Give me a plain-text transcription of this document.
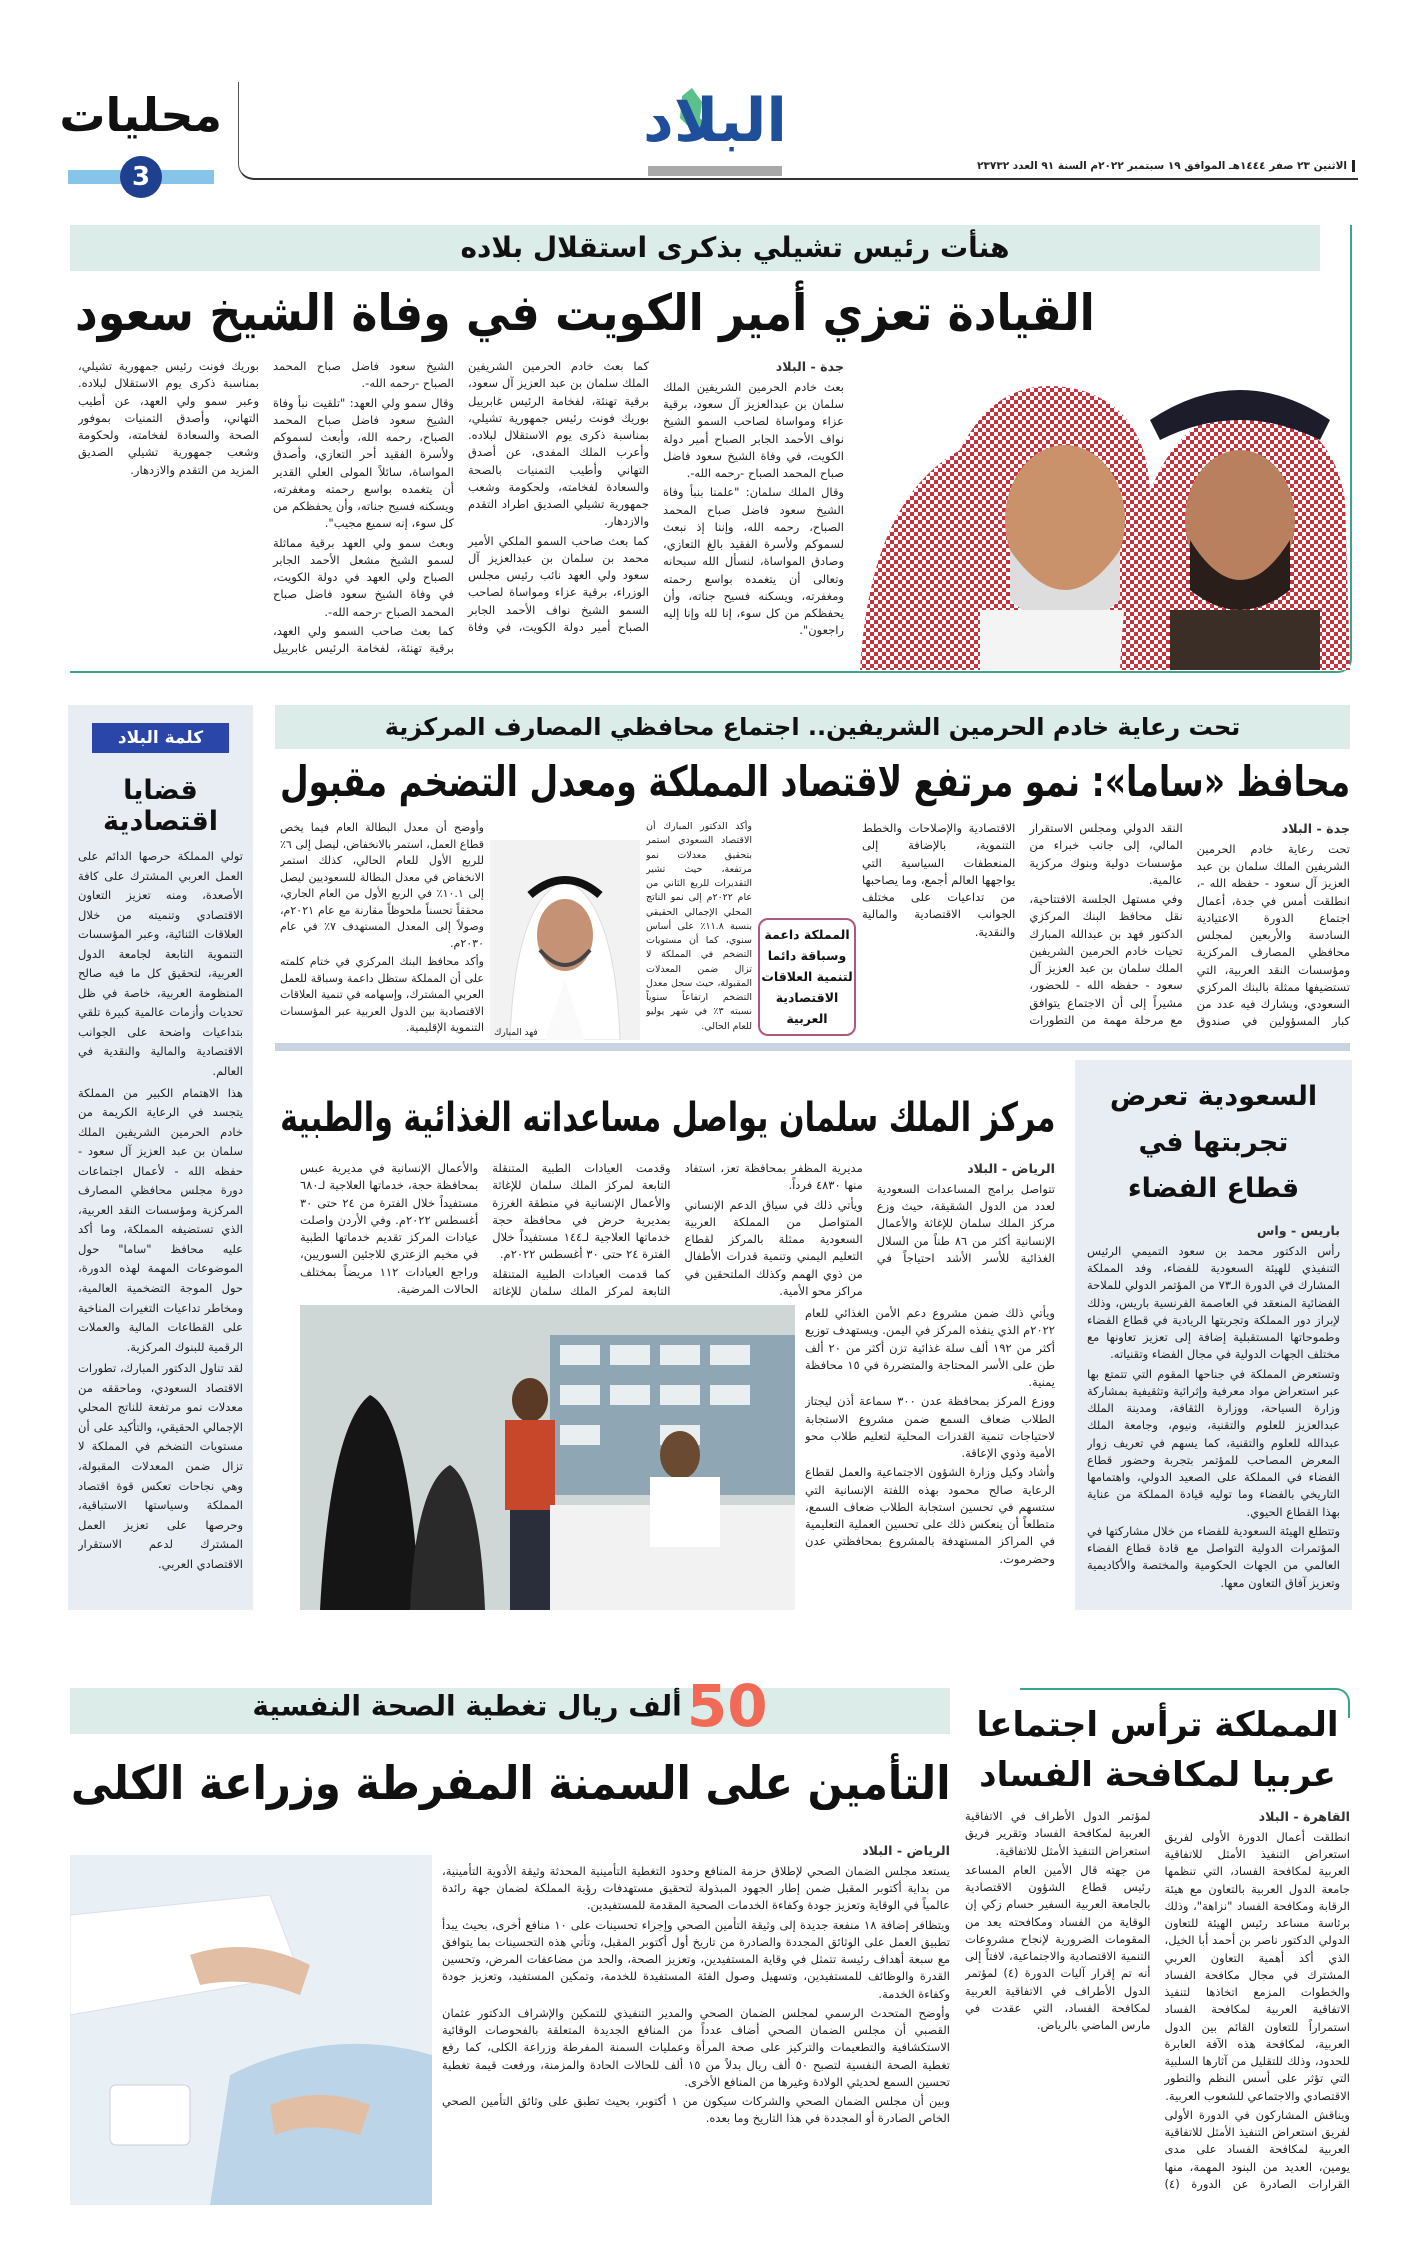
محليات
3
البلاد
الاثنين ٢٣ صفر ١٤٤٤هـ الموافق ١٩ سبتمبر ٢٠٢٢م السنة ٩١ العدد ٢٣٧٣٢
هنأت رئيس تشيلي بذكرى استقلال بلاده
القيادة تعزي أمير الكويت في وفاة الشيخ سعود

جدة - البلاد

بعث خادم الحرمين الشريفين الملك سلمان بن عبدالعزيز آل سعود، برقية عزاء ومواساة لصاحب السمو الشيخ نواف الأحمد الجابر الصباح أمير دولة الكويت، في وفاة الشيخ سعود فاضل صباح المحمد الصباح -رحمه الله-.

وقال الملك سلمان: "علمنا بنبأ وفاة الشيخ سعود فاضل صباح المحمد الصباح، رحمه الله، وإننا إذ نبعث لسموكم ولأسرة الفقيد بالغ التعازي، وصادق المواساة، لنسأل الله سبحانه وتعالى أن يتغمده بواسع رحمته ومغفرته، ويسكنه فسيح جناته، وأن يحفظكم من كل سوء، إنا لله وإنا إليه راجعون".

كما بعث خادم الحرمين الشريفين الملك سلمان بن عبد العزيز آل سعود، برقية تهنئة، لفخامة الرئيس غابرييل بوريك فونت رئيس جمهورية تشيلي، بمناسبة ذكرى يوم الاستقلال لبلاده. وأعرب الملك المفدى، عن أصدق التهاني وأطيب التمنيات بالصحة والسعادة لفخامته، ولحكومة وشعب جمهورية تشيلي الصديق اطراد التقدم والازدهار.

كما بعث صاحب السمو الملكي الأمير محمد بن سلمان بن عبدالعزيز آل سعود ولي العهد نائب رئيس مجلس الوزراء، برقية عزاء ومواساة لصاحب السمو الشيخ نواف الأحمد الجابر الصباح أمير دولة الكويت، في وفاة الشيخ سعود فاضل صباح المحمد الصباح -رحمه الله-.

وقال سمو ولي العهد: "تلقيت نبأ وفاة الشيخ سعود فاضل صباح المحمد الصباح، رحمه الله، وأبعث لسموكم ولأسرة الفقيد أحر التعازي، وأصدق المواساة، سائلاً المولى العلي القدير أن يتغمده بواسع رحمته ومغفرته، ويسكنه فسيح جناته، وأن يحفظكم من كل سوء، إنه سميع مجيب".

وبعث سمو ولي العهد برقية مماثلة لسمو الشيخ مشعل الأحمد الجابر الصباح ولي العهد في دولة الكويت، في وفاة الشيخ سعود فاضل صباح المحمد الصباح -رحمه الله-.

كما بعث صاحب السمو ولي العهد، برقية تهنئة، لفخامة الرئيس غابرييل بوريك فونت رئيس جمهورية تشيلي، بمناسبة ذكرى يوم الاستقلال لبلاده. وعبر سمو ولي العهد، عن أطيب التهاني، وأصدق التمنيات بموفور الصحة والسعادة لفخامته، ولحكومة وشعب جمهورية تشيلي الصديق المزيد من التقدم والازدهار.

كلمة البلاد
قضايا اقتصادية

تولي المملكة حرصها الدائم على العمل العربي المشترك على كافة الأصعدة، ومنه تعزيز التعاون الاقتصادي وتنميته من خلال العلاقات الثنائية، وعبر المؤسسات التنموية التابعة لجامعة الدول العربية، لتحقيق كل ما فيه صالح المنظومة العربية، خاصة في ظل تحديات وأزمات عالمية كبيرة تلقي بتداعيات واضحة على الجوانب الاقتصادية والمالية والنقدية في العالم.

هذا الاهتمام الكبير من المملكة يتجسد في الرعاية الكريمة من خادم الحرمين الشريفين الملك سلمان بن عبد العزيز آل سعود - حفظه الله - لأعمال اجتماعات دورة مجلس محافظي المصارف المركزية ومؤسسات النقد العربية، الذي تستضيفه المملكة، وما أكد عليه محافظ "ساما" حول الموضوعات المهمة لهذه الدورة، حول الموجة التضخمية العالمية، ومخاطر تداعيات التغيرات المناخية على القطاعات المالية والعملات الرقمية للبنوك المركزية.

لقد تناول الدكتور المبارك، تطورات الاقتصاد السعودي، وماحققه من معدلات نمو مرتفعة للناتج المحلي الإجمالي الحقيقي، والتأكيد على أن مستويات التضخم في المملكة لا تزال ضمن المعدلات المقبولة، وهي نجاحات تعكس قوة اقتصاد المملكة وسياستها الاستباقية، وحرصها على تعزيز العمل المشترك لدعم الاستقرار الاقتصادي العربي.

تحت رعاية خادم الحرمين الشريفين.. اجتماع محافظي المصارف المركزية
محافظ «ساما»: نمو مرتفع لاقتصاد المملكة ومعدل التضخم مقبول

جدة - البلاد

تحت رعاية خادم الحرمين الشريفين الملك سلمان بن عبد العزيز آل سعود - حفظه الله -، انطلقت أمس في جدة، أعمال اجتماع الدورة الاعتيادية السادسة والأربعين لمجلس محافظي المصارف المركزية ومؤسسات النقد العربية، التي تستضيفها ممثلة بالبنك المركزي السعودي، ويشارك فيه عدد من كبار المسؤولين في صندوق النقد الدولي ومجلس الاستقرار المالي، إلى جانب خبراء من مؤسسات دولية وبنوك مركزية عالمية.

وفي مستهل الجلسة الافتتاحية، نقل محافظ البنك المركزي الدكتور فهد بن عبدالله المبارك تحيات خادم الحرمين الشريفين الملك سلمان بن عبد العزيز آل سعود - حفظه الله - للحضور، مشيراً إلى أن الاجتماع يتوافق مع مرحلة مهمة من التطورات الاقتصادية والإصلاحات والخطط التنموية، بالإضافة إلى المنعطفات السياسية التي يواجهها العالم أجمع، وما يصاحبها من تداعيات على مختلف الجوانب الاقتصادية والمالية والنقدية.

المملكة داعمة وسباقة دائما لتنمية العلاقات الاقتصادية العربية

وأكد الدكتور المبارك أن الاقتصاد السعودي استمر بتحقيق معدلات نمو مرتفعة، حيث تشير التقديرات للربع الثاني من عام ٢٠٢٢م إلى نمو الناتج المحلي الإجمالي الحقيقي بنسبة ١١.٨٪ على أساس سنوي، كما أن مستويات التضخم في المملكة لا تزال ضمن المعدلات المقبولة، حيث سجل معدل التضخم ارتفاعاً سنوياً نسبته ٣٪ في شهر يوليو للعام الحالي.

فهد المبارك

وأوضح أن معدل البطالة العام فيما يخص قطاع العمل، استمر بالانخفاض، ليصل إلى ٦٪ للربع الأول للعام الحالي، كذلك استمر الانخفاض في معدل البطالة للسعوديين ليصل إلى ١٠.١٪ في الربع الأول من العام الجاري، محققاً تحسناً ملحوظاً مقارنة مع عام ٢٠٢١م، وصولاً إلى المعدل المستهدف ٧٪ في عام ٢٠٣٠م.

وأكد محافظ البنك المركزي في ختام كلمته على أن المملكة ستظل داعمة وسباقة للعمل العربي المشترك، وإسهامه في تنمية العلاقات الاقتصادية بين الدول العربية عبر المؤسسات التنموية الإقليمية.

السعودية تعرض تجربتها في قطاع الفضاء

باريس - واس

رأس الدكتور محمد بن سعود التميمي الرئيس التنفيذي للهيئة السعودية للفضاء، وفد المملكة المشارك في الدورة الـ٧٣ من المؤتمر الدولي للملاحة الفضائية المنعقد في العاصمة الفرنسية باريس، وذلك لإبراز دور المملكة وتجربتها الريادية في قطاع الفضاء وطموحاتها المستقبلية إضافة إلى تعزيز تعاونها مع مختلف الجهات الدولية في مجال الفضاء وتقنياته.

وتستعرض المملكة في جناحها المقوم التي تتمتع بها عبر استعراض مواد معرفية وإثرائية وتثقيفية بمشاركة وزارة السياحة، ووزارة الثقافة، ومدينة الملك عبدالعزيز للعلوم والتقنية، ونيوم، وجامعة الملك عبدالله للعلوم والتقنية، كما يسهم في تعريف زوار المعرض المصاحب للمؤتمر بتجربة وحضور قطاع الفضاء في المملكة على الصعيد الدولي، واهتمامها التاريخي بالفضاء وما توليه قيادة المملكة من عناية بهذا القطاع الحيوي.

وتتطلع الهيئة السعودية للفضاء من خلال مشاركتها في المؤتمرات الدولية التواصل مع قادة قطاع الفضاء العالمي من الجهات الحكومية والمختصة والأكاديمية وتعزيز آفاق التعاون معها.

مركز الملك سلمان يواصل مساعداته الغذائية والطبية

الرياض - البلاد

تتواصل برامج المساعدات السعودية لعدد من الدول الشقيقة، حيث وزع مركز الملك سلمان للإغاثة والأعمال الإنسانية أكثر من ٨٦ طناً من السلال الغذائية للأسر الأشد احتياجاً في مديرية المظفر بمحافظة تعز، استفاد منها ٤٨٣٠ فرداً.

ويأتي ذلك في سياق الدعم الإنساني المتواصل من المملكة العربية السعودية ممثلة بالمركز لقطاع التعليم اليمني وتنمية قدرات الأطفال من ذوي الهمم وكذلك الملتحقين في مراكز محو الأمية.

وقدمت العيادات الطبية المتنقلة التابعة لمركز الملك سلمان للإغاثة والأعمال الإنسانية في منطقة الغرزة بمديرية حرض في محافظة حجة خدماتها العلاجية لـ١٤٤ مستفيداً خلال الفترة ٢٤ حتى ٣٠ أغسطس ٢٠٢٢م.

كما قدمت العيادات الطبية المتنقلة التابعة لمركز الملك سلمان للإغاثة والأعمال الإنسانية في مديرية عبس بمحافظة حجة، خدماتها العلاجية لـ٦٨٠ مستفيداً خلال الفترة من ٢٤ حتى ٣٠ أغسطس ٢٠٢٢م. وفي الأردن واصلت عيادات المركز تقديم خدماتها الطبية في مخيم الزعتري للاجئين السوريين، وراجع العيادات ١١٢ مريضاً بمختلف الحالات المرضية.

ويأتي ذلك ضمن مشروع دعم الأمن الغذائي للعام ٢٠٢٢م الذي ينفذه المركز في اليمن. ويستهدف توزيع أكثر من ١٩٢ ألف سلة غذائية تزن أكثر من ٢٠ ألف طن على الأسر المحتاجة والمتضررة في ١٥ محافظة يمنية.

ووزع المركز بمحافظة عدن ٣٠٠ سماعة أذن ليجتاز الطلاب ضعاف السمع ضمن مشروع الاستجابة لاحتياجات تنمية القدرات المحلية لتعليم طلاب محو الأمية وذوي الإعاقة.

وأشاد وكيل وزارة الشؤون الاجتماعية والعمل لقطاع الرعاية صالح محمود بهذه اللفتة الإنسانية التي ستسهم في تحسين استجابة الطلاب ضعاف السمع، متطلعاً أن ينعكس ذلك على تحسين العملية التعليمية في المراكز المستهدفة بالمشروع بمحافظتي عدن وحضرموت.

50 ألف ريال تغطية الصحة النفسية
التأمين على السمنة المفرطة وزراعة الكلى

الرياض - البلاد

يستعد مجلس الضمان الصحي لإطلاق حزمة المنافع وحدود التغطية التأمينية المحدثة وثيقة الأدوية التأمينية، من بداية أكتوبر المقبل ضمن إطار الجهود المبذولة لتحقيق مستهدفات رؤية المملكة لضمان جهة رائدة عالمياً في الوقاية وتعزيز جودة وكفاءة الخدمات الصحية المقدمة للمستفيدين.

ويتظافر إضافة ١٨ منفعة جديدة إلى وثيقة التأمين الصحي وإجراء تحسينات على ١٠ منافع أخرى، بحيث يبدأ تطبيق العمل على الوثائق المجددة والصادرة من تاريخ أول أكتوبر المقبل، وتأتي هذه التحسينات بما يتوافق مع سبعة أهداف رئيسة تتمثل في وقاية المستفيدين، وتعزيز الصحة، والحد من مضاعفات المرض، وتحسين القدرة والوظائف للمستفيدين، وتسهيل وصول الفئة المستفيدة للخدمة، وتمكين المستفيد، وتعزيز جودة وكفاءة الخدمة.

وأوضح المتحدث الرسمي لمجلس الضمان الصحي والمدير التنفيذي للتمكين والإشراف الدكتور عثمان القصبي أن مجلس الضمان الصحي أضاف عدداً من المنافع الجديدة المتعلقة بالفحوصات الوقائية الاستكشافية والتطعيمات والتركيز على صحة المرأة وعمليات السمنة المفرطة وزراعة الكلى، كما رفع تغطية الصحة النفسية لتصبح ٥٠ ألف ريال بدلاً من ١٥ ألف للحالات الحادة والمزمنة، ورفعت قيمة تغطية تحسين السمع لحديثي الولادة وغيرها من المنافع الأخرى.

وبين أن مجلس الضمان الصحي والشركات سيكون من ١ أكتوبر، بحيث تطبق على وثائق التأمين الصحي الخاص الصادرة أو المجددة في هذا التاريخ وما بعده.

المملكة ترأس اجتماعا عربيا لمكافحة الفساد

القاهرة - البلاد

انطلقت أعمال الدورة الأولى لفريق استعراض التنفيذ الأمثل للاتفاقية العربية لمكافحة الفساد، التي تنظمها جامعة الدول العربية بالتعاون مع هيئة الرقابة ومكافحة الفساد "نزاهة"، وذلك برئاسة مساعد رئيس الهيئة للتعاون الدولي الدكتور ناصر بن أحمد أبا الخيل، الذي أكد أهمية التعاون العربي المشترك في مجال مكافحة الفساد والخطوات المزمع اتخاذها لتنفيذ الاتفاقية العربية لمكافحة الفساد استمراراً للتعاون القائم بين الدول العربية، لمكافحة هذه الآفة العابرة للحدود، وذلك للتقليل من آثارها السلبية التي تؤثر على أسس النظم والتطور الاقتصادي والاجتماعي للشعوب العربية.

ويناقش المشاركون في الدورة الأولى لفريق استعراض التنفيذ الأمثل للاتفاقية العربية لمكافحة الفساد على مدى يومين، العديد من البنود المهمة، منها القرارات الصادرة عن الدورة (٤) لمؤتمر الدول الأطراف في الاتفاقية العربية لمكافحة الفساد وتقرير فريق استعراض التنفيذ الأمثل للاتفاقية.

من جهته قال الأمين العام المساعد رئيس قطاع الشؤون الاقتصادية بالجامعة العربية السفير حسام زكي إن الوقاية من الفساد ومكافحته يعد من المقومات الضرورية لإنجاح مشروعات التنمية الاقتصادية والاجتماعية، لافتاً إلى أنه تم إقرار آليات الدورة (٤) لمؤتمر الدول الأطراف في الاتفاقية العربية لمكافحة الفساد، التي عقدت في مارس الماضي بالرياض.
